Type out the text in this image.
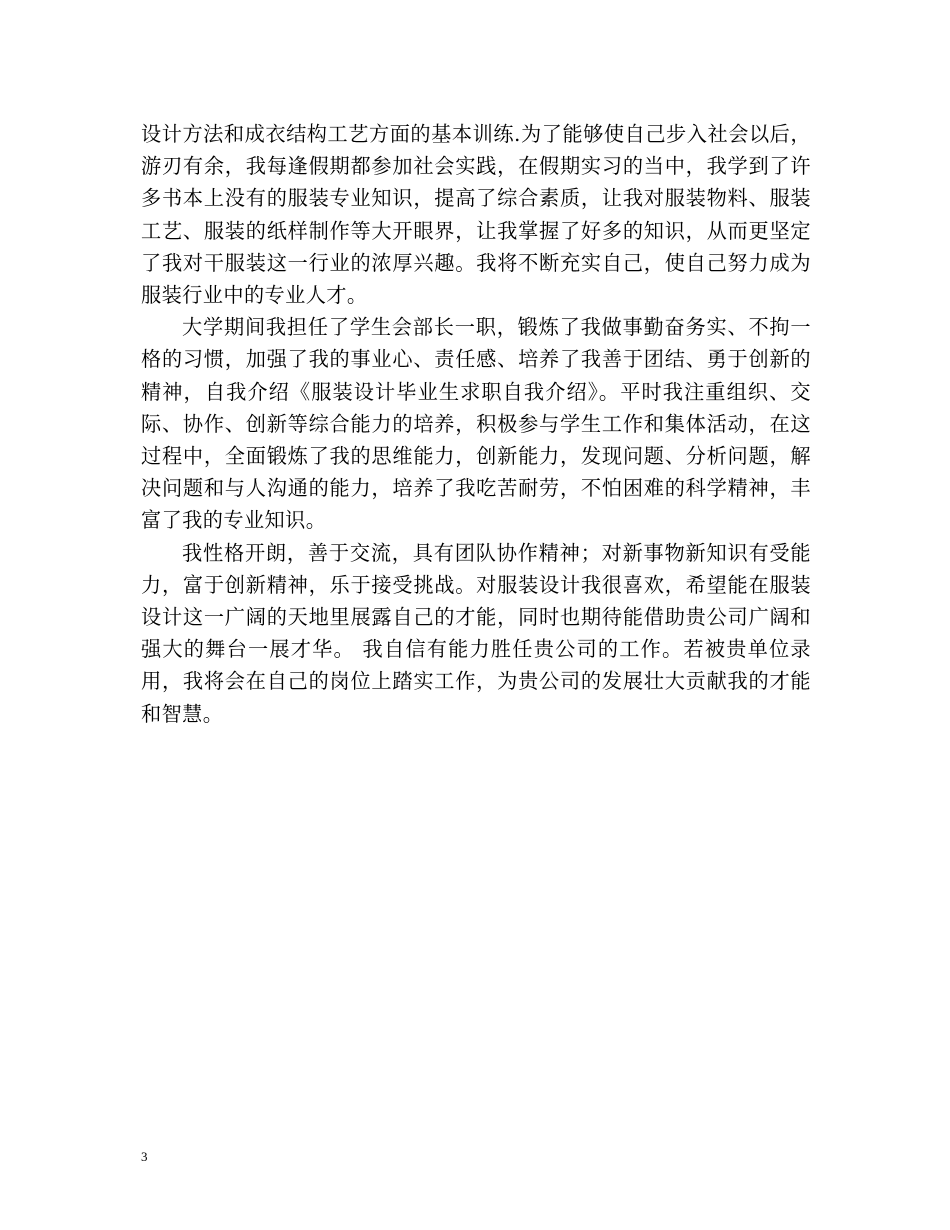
设计方法和成衣结构工艺方面的基本训练.为了能够使自己步入社会以后，游刃有余，我每逢假期都参加社会实践，在假期实习的当中，我学到了许多书本上没有的服装专业知识，提高了综合素质，让我对服装物料、服装工艺、服装的纸样制作等大开眼界，让我掌握了好多的知识，从而更坚定了我对干服装这一行业的浓厚兴趣。我将不断充实自己，使自己努力成为服装行业中的专业人才。

大学期间我担任了学生会部长一职，锻炼了我做事勤奋务实、不拘一格的习惯，加强了我的事业心、责任感、培养了我善于团结、勇于创新的精神，自我介绍《服装设计毕业生求职自我介绍》。平时我注重组织、交际、协作、创新等综合能力的培养，积极参与学生工作和集体活动，在这过程中，全面锻炼了我的思维能力，创新能力，发现问题、分析问题，解决问题和与人沟通的能力，培养了我吃苦耐劳，不怕困难的科学精神，丰富了我的专业知识。

我性格开朗，善于交流，具有团队协作精神；对新事物新知识有受能力，富于创新精神，乐于接受挑战。对服装设计我很喜欢，希望能在服装设计这一广阔的天地里展露自己的才能，同时也期待能借助贵公司广阔和强大的舞台一展才华。 我自信有能力胜任贵公司的工作。若被贵单位录用，我将会在自己的岗位上踏实工作，为贵公司的发展壮大贡献我的才能和智慧。

3
